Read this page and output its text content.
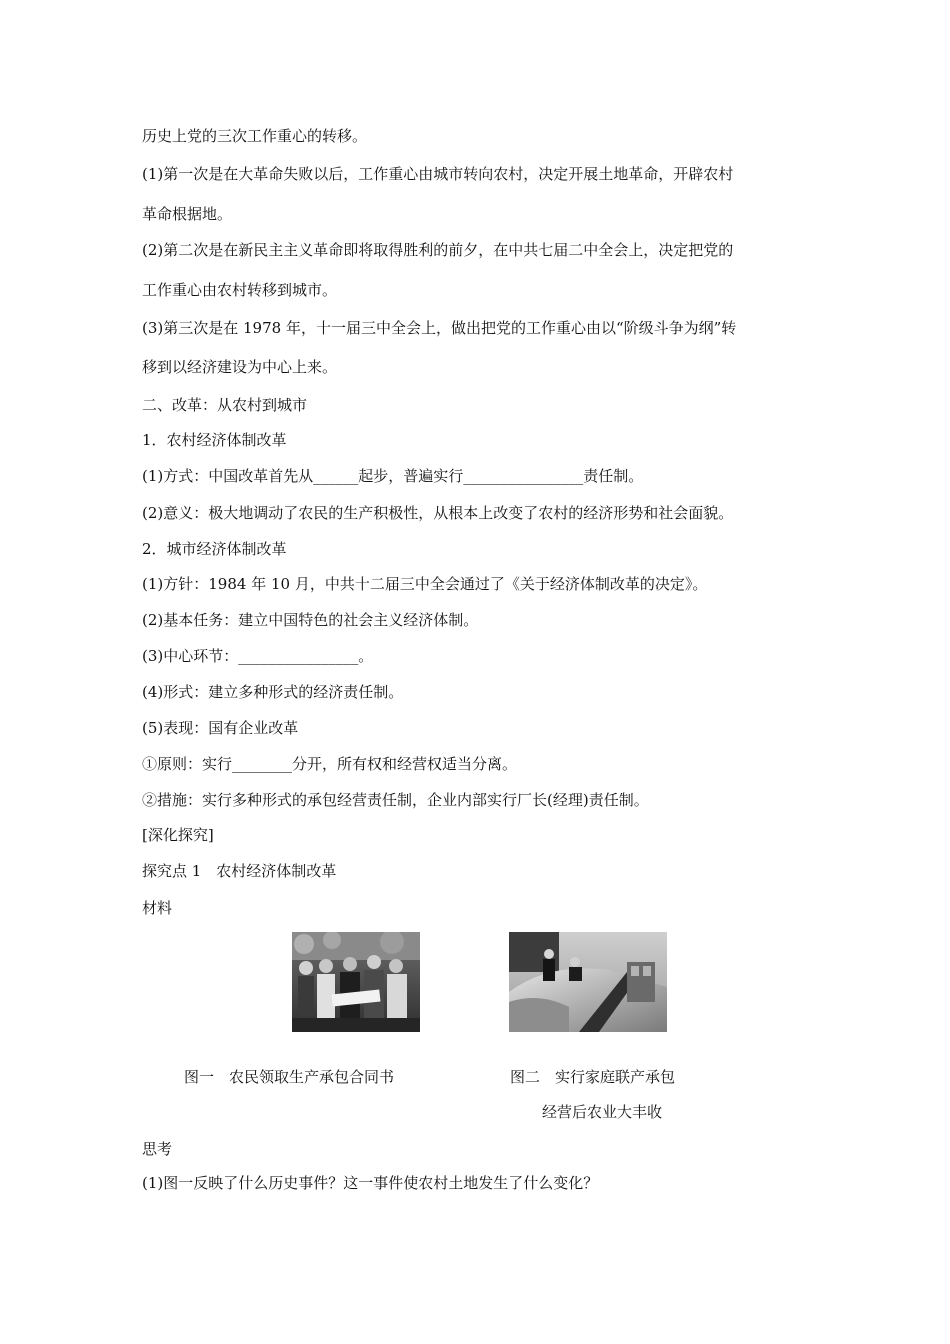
历史上党的三次工作重心的转移。
(1)第一次是在大革命失败以后，工作重心由城市转向农村，决定开展土地革命，开辟农村
革命根据地。
(2)第二次是在新民主主义革命即将取得胜利的前夕，在中共七届二中全会上，决定把党的
工作重心由农村转移到城市。
(3)第三次是在 1978 年，十一届三中全会上，做出把党的工作重心由以“阶级斗争为纲”转
移到以经济建设为中心上来。
二、改革：从农村到城市
1．农村经济体制改革
(1)方式：中国改革首先从______起步，普遍实行________________责任制。
(2)意义：极大地调动了农民的生产积极性，从根本上改变了农村的经济形势和社会面貌。
2．城市经济体制改革
(1)方针：1984 年 10 月，中共十二届三中全会通过了《关于经济体制改革的决定》。
(2)基本任务：建立中国特色的社会主义经济体制。
(3)中心环节：________________。
(4)形式：建立多种形式的经济责任制。
(5)表现：国有企业改革
①原则：实行________分开，所有权和经营权适当分离。
②措施：实行多种形式的承包经营责任制，企业内部实行厂长(经理)责任制。
[深化探究]
探究点 1　农村经济体制改革
材料
图一　农民领取生产承包合同书	图二　实行家庭联产承包
经营后农业大丰收
思考
(1)图一反映了什么历史事件？这一事件使农村土地发生了什么变化？
